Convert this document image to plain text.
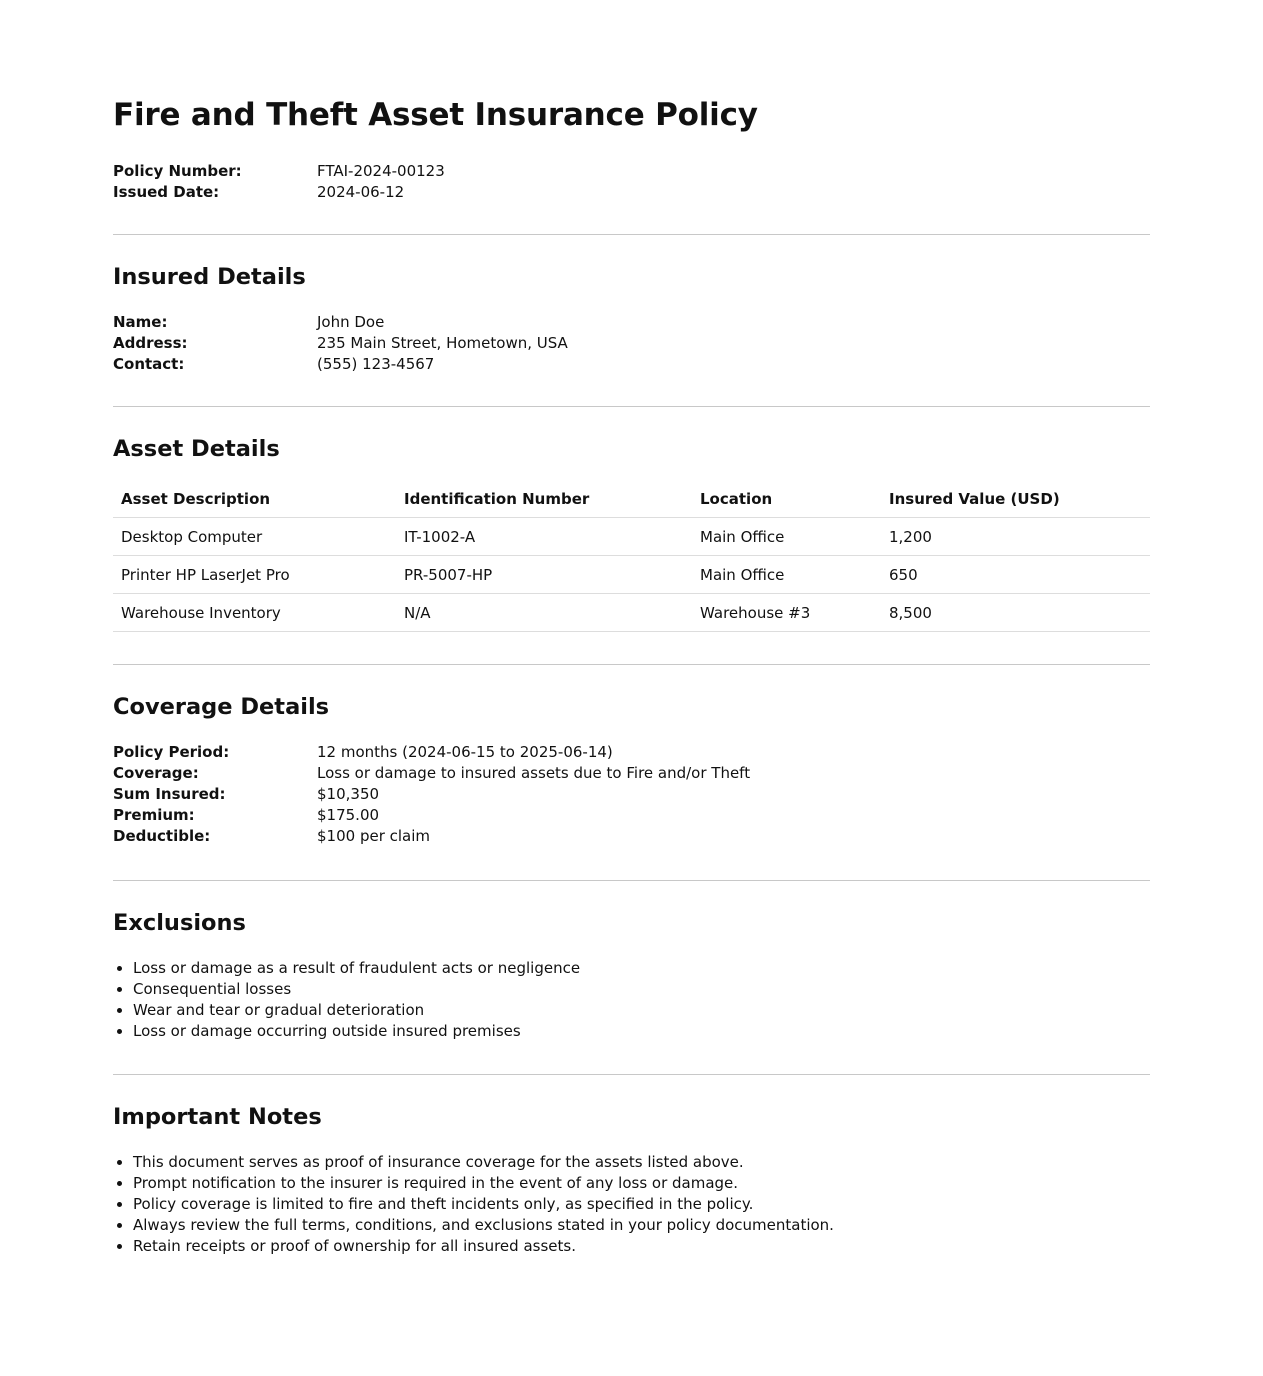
Fire and Theft Asset Insurance Policy
Policy Number:	FTAI-2024-00123
Issued Date:	2024-06-12
Insured Details
Name:	John Doe
Address:	235 Main Street, Hometown, USA
Contact:	(555) 123-4567
Asset Details
Asset Description	Identification Number	Location	Insured Value (USD)
Desktop Computer	IT-1002-A	Main Office	1,200
Printer HP LaserJet Pro	PR-5007-HP	Main Office	650
Warehouse Inventory	N/A	Warehouse #3	8,500
Coverage Details
Policy Period:	12 months (2024-06-15 to 2025-06-14)
Coverage:	Loss or damage to insured assets due to Fire and/or Theft
Sum Insured:	$10,350
Premium:	$175.00
Deductible:	$100 per claim
Exclusions
• Loss or damage as a result of fraudulent acts or negligence
• Consequential losses
• Wear and tear or gradual deterioration
• Loss or damage occurring outside insured premises
Important Notes
• This document serves as proof of insurance coverage for the assets listed above.
• Prompt notification to the insurer is required in the event of any loss or damage.
• Policy coverage is limited to fire and theft incidents only, as specified in the policy.
• Always review the full terms, conditions, and exclusions stated in your policy documentation.
• Retain receipts or proof of ownership for all insured assets.
